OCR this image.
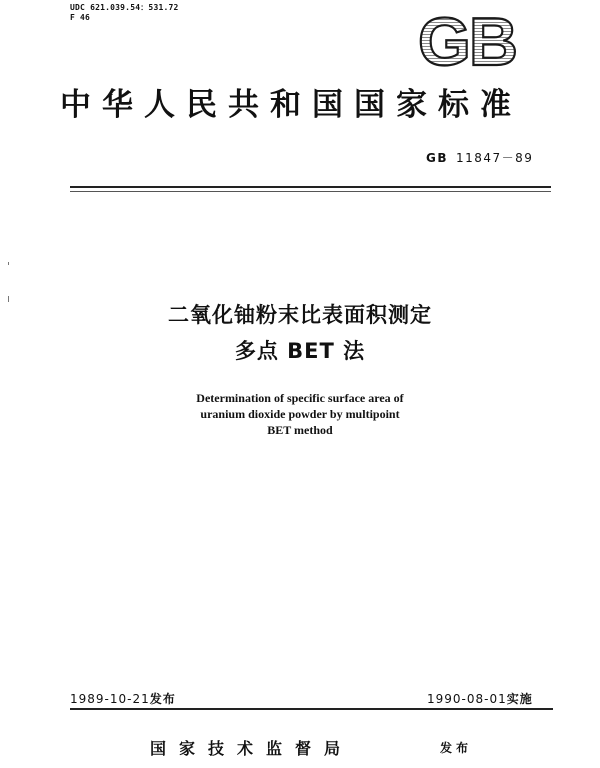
UDC 621.039.54：531.72
F 46	GB
中华人民共和国国家标准
GB 11847－89
二氧化铀粉末比表面积测定
多点 BET 法
Determination of specific surface area of
uranium dioxide powder by multipoint
BET method
1989-10-21发布	1990-08-01实施
国家技术监督局	发布
